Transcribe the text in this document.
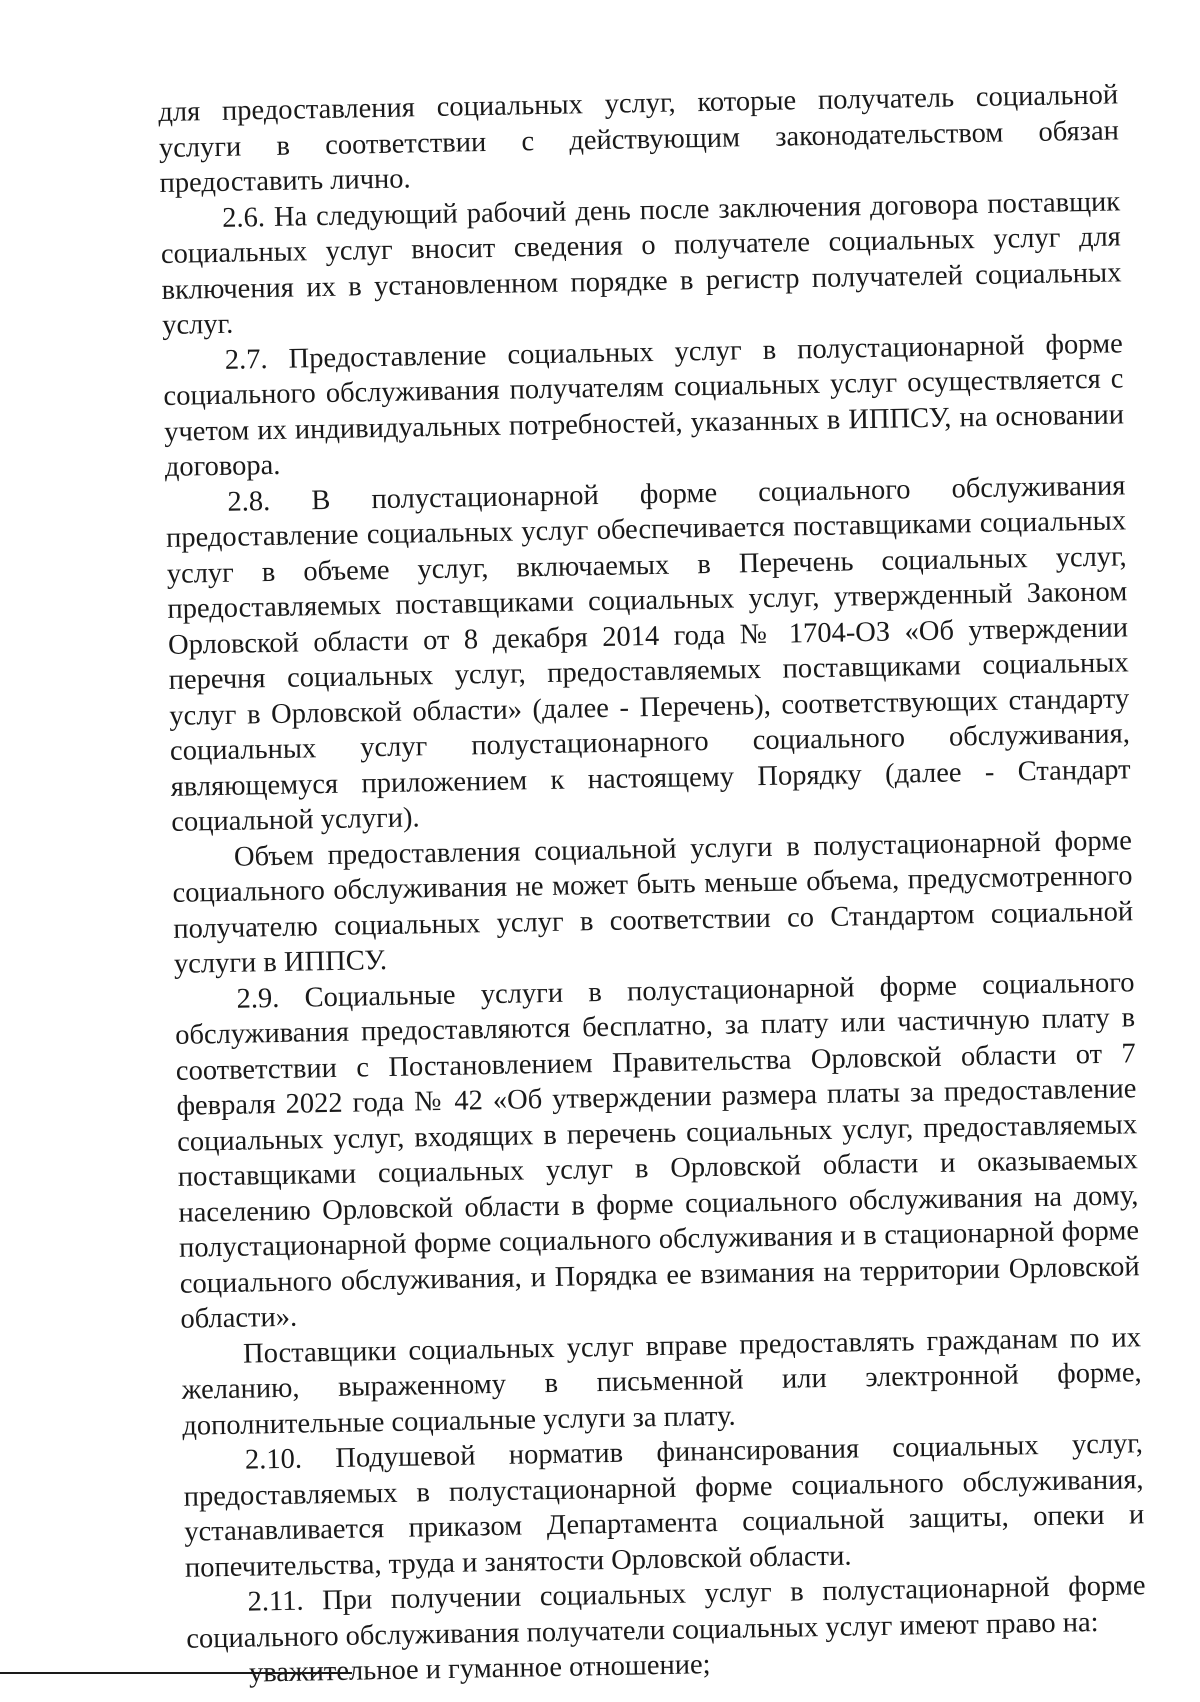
для предоставления социальных услуг, которые получатель социальной услуги в соответствии с действующим законодательством обязан предоставить лично.

2.6. На следующий рабочий день после заключения договора поставщик социальных услуг вносит сведения о получателе социальных услуг для включения их в установленном порядке в регистр получателей социальных услуг.

2.7. Предоставление социальных услуг в полустационарной форме социального обслуживания получателям социальных услуг осуществляется с учетом их индивидуальных потребностей, указанных в ИППСУ, на основании договора.

2.8. В полустационарной форме социального обслуживания предоставление социальных услуг обеспечивается поставщиками социальных услуг в объеме услуг, включаемых в Перечень социальных услуг, предоставляемых поставщиками социальных услуг, утвержденный Законом Орловской области от 8 декабря 2014 года № 1704-ОЗ «Об утверждении перечня социальных услуг, предоставляемых поставщиками социальных услуг в Орловской области» (далее - Перечень), соответствующих стандарту социальных услуг полустационарного социального обслуживания, являющемуся приложением к настоящему Порядку (далее - Стандарт социальной услуги).

Объем предоставления социальной услуги в полустационарной форме социального обслуживания не может быть меньше объема, предусмотренного получателю социальных услуг в соответствии со Стандартом социальной услуги в ИППСУ.

2.9. Социальные услуги в полустационарной форме социального обслуживания предоставляются бесплатно, за плату или частичную плату в соответствии с Постановлением Правительства Орловской области от 7 февраля 2022 года № 42 «Об утверждении размера платы за предоставление социальных услуг, входящих в перечень социальных услуг, предоставляемых поставщиками социальных услуг в Орловской области и оказываемых населению Орловской области в форме социального обслуживания на дому, полустационарной форме социального обслуживания и в стационарной форме социального обслуживания, и Порядка ее взимания на территории Орловской области».

Поставщики социальных услуг вправе предоставлять гражданам по их желанию, выраженному в письменной или электронной форме, дополнительные социальные услуги за плату.

2.10. Подушевой норматив финансирования социальных услуг, предоставляемых в полустационарной форме социального обслуживания, устанавливается приказом Департамента социальной защиты, опеки и попечительства, труда и занятости Орловской области.

2.11. При получении социальных услуг в полустационарной форме социального обслуживания получатели социальных услуг имеют право на:

уважительное и гуманное отношение;
